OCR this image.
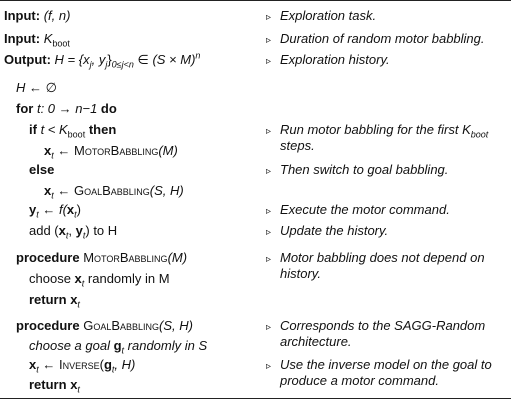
Input: (f, n)
Input: $K_{boot}$
Output: $H = \{x_j$, $y_j\}_{0\le j<n}$ ∈ $(S \times M)^n$
H ← ∅
for t: 0 → n−1 do
if $t < K_{boot}$ then
$x_t$ ← MotorBabbling(M)
else
$x_t$ ← GoalBabbling(S, H)
$y_t$ ← $f(x_t)$
add ($x_t$, $y_t$) to H
procedure MotorBabbling(M)
choose $x_t$ randomly in M
return $x_t$
procedure GoalBabbling(S, H)
choose a goal $g_t$ randomly in S
$x_t$ ← $Inverse(g_t$, H)
return $x_t$
▹ Exploration task.
▹ Duration of random motor babbling.
▹ Exploration history.
▹ Run motor babbling for the first $K_{boot}$ steps.
▹ Then switch to goal babbling.
▹ Execute the motor command.
▹ Update the history.
▹ Motor babbling does not depend on history.
▹ Corresponds to the SAGG-Random architecture.
▹ Use the inverse model on the goal to produce a motor command.
